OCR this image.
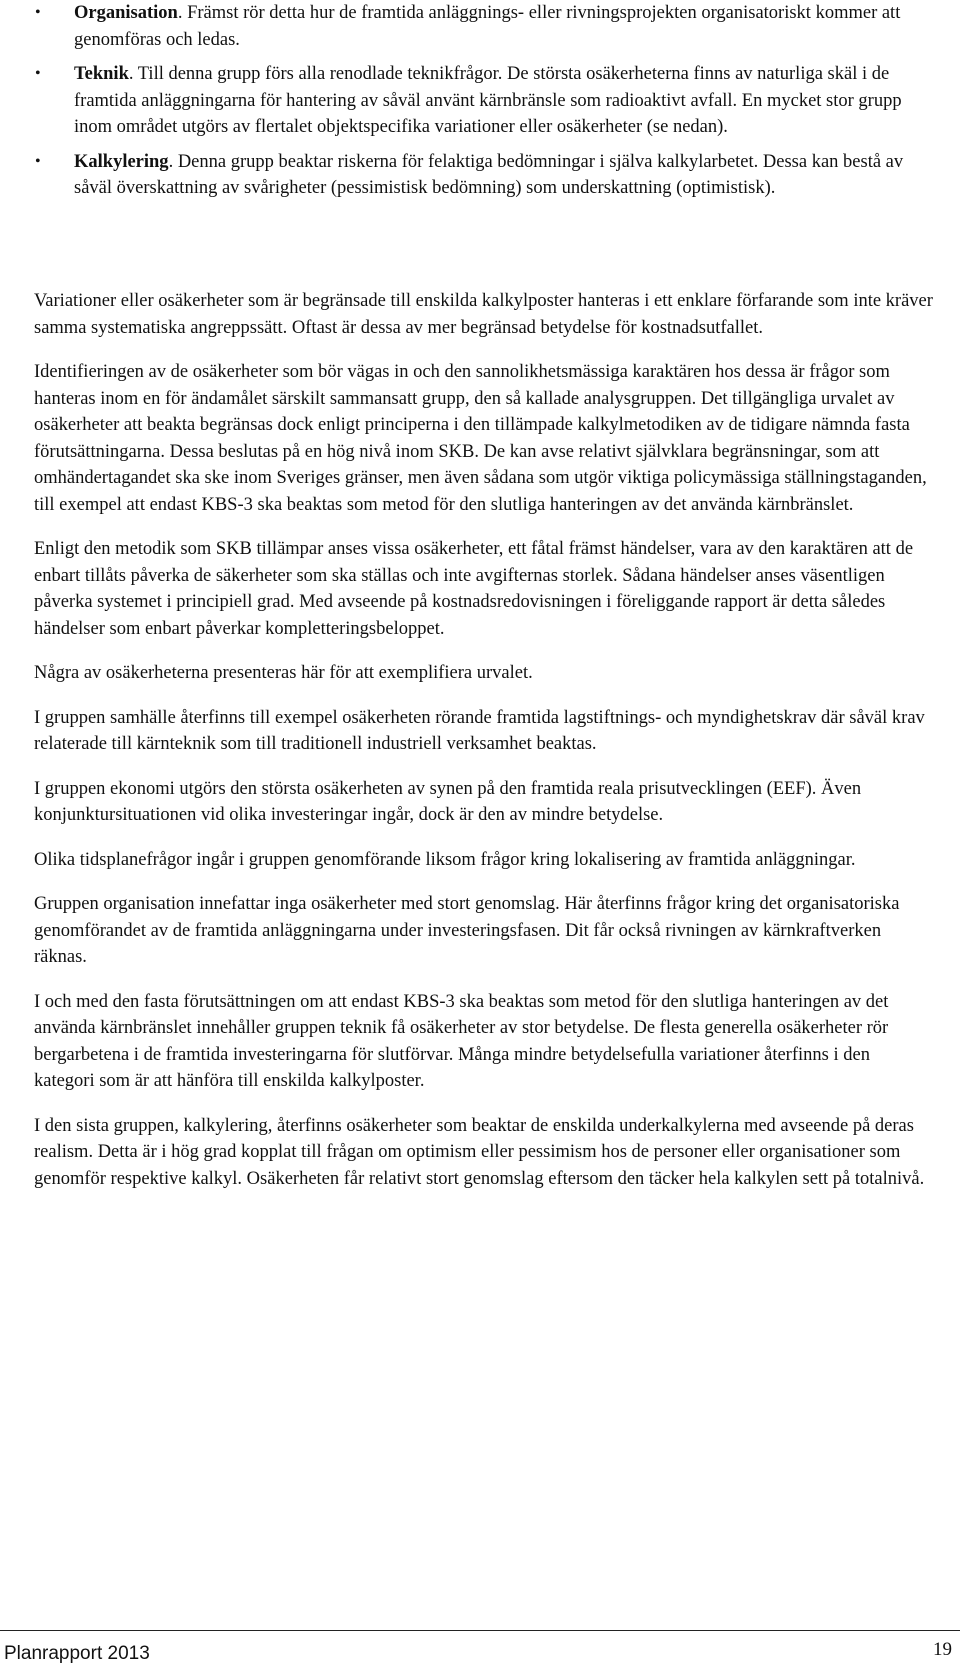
• Organisation. Främst rör detta hur de framtida anläggnings- eller rivningsprojekten organisatoriskt kommer att genomföras och ledas.
• Teknik. Till denna grupp förs alla renodlade teknikfrågor. De största osäkerheterna finns av naturliga skäl i de framtida anläggningarna för hantering av såväl använt kärnbränsle som radioaktivt avfall. En mycket stor grupp inom området utgörs av flertalet objektspecifika variationer eller osäkerheter (se nedan).
• Kalkylering. Denna grupp beaktar riskerna för felaktiga bedömningar i själva kalkylarbetet. Dessa kan bestå av såväl överskattning av svårigheter (pessimistisk bedömning) som underskattning (optimistisk).

Variationer eller osäkerheter som är begränsade till enskilda kalkylposter hanteras i ett enklare förfarande som inte kräver samma systematiska angreppssätt. Oftast är dessa av mer begränsad betydelse för kostnadsutfallet.

Identifieringen av de osäkerheter som bör vägas in och den sannolikhetsmässiga karaktären hos dessa är frågor som hanteras inom en för ändamålet särskilt sammansatt grupp, den så kallade analysgruppen. Det tillgängliga urvalet av osäkerheter att beakta begränsas dock enligt principerna i den tillämpade kalkylmetodiken av de tidigare nämnda fasta förutsättningarna. Dessa beslutas på en hög nivå inom SKB. De kan avse relativt självklara begränsningar, som att omhändertagandet ska ske inom Sveriges gränser, men även sådana som utgör viktiga policymässiga ställningstaganden, till exempel att endast KBS-3 ska beaktas som metod för den slutliga hanteringen av det använda kärnbränslet.

Enligt den metodik som SKB tillämpar anses vissa osäkerheter, ett fåtal främst händelser, vara av den karaktären att de enbart tillåts påverka de säkerheter som ska ställas och inte avgifternas storlek. Sådana händelser anses väsentligen påverka systemet i principiell grad. Med avseende på kostnadsredovisningen i föreliggande rapport är detta således händelser som enbart påverkar kompletteringsbeloppet.

Några av osäkerheterna presenteras här för att exemplifiera urvalet.

I gruppen samhälle återfinns till exempel osäkerheten rörande framtida lagstiftnings- och myndighetskrav där såväl krav relaterade till kärnteknik som till traditionell industriell verksamhet beaktas.

I gruppen ekonomi utgörs den största osäkerheten av synen på den framtida reala prisutvecklingen (EEF). Även konjunktursituationen vid olika investeringar ingår, dock är den av mindre betydelse.

Olika tidsplanefrågor ingår i gruppen genomförande liksom frågor kring lokalisering av framtida anläggningar.

Gruppen organisation innefattar inga osäkerheter med stort genomslag. Här återfinns frågor kring det organisatoriska genomförandet av de framtida anläggningarna under investeringsfasen. Dit får också rivningen av kärnkraftverken räknas.

I och med den fasta förutsättningen om att endast KBS-3 ska beaktas som metod för den slutliga hanteringen av det använda kärnbränslet innehåller gruppen teknik få osäkerheter av stor betydelse. De flesta generella osäkerheter rör bergarbetena i de framtida investeringarna för slutförvar. Många mindre betydelsefulla variationer återfinns i den kategori som är att hänföra till enskilda kalkylposter.

I den sista gruppen, kalkylering, återfinns osäkerheter som beaktar de enskilda underkalkylerna med avseende på deras realism. Detta är i hög grad kopplat till frågan om optimism eller pessimism hos de personer eller organisationer som genomför respektive kalkyl. Osäkerheten får relativt stort genomslag eftersom den täcker hela kalkylen sett på totalnivå.

Planrapport 2013	19
